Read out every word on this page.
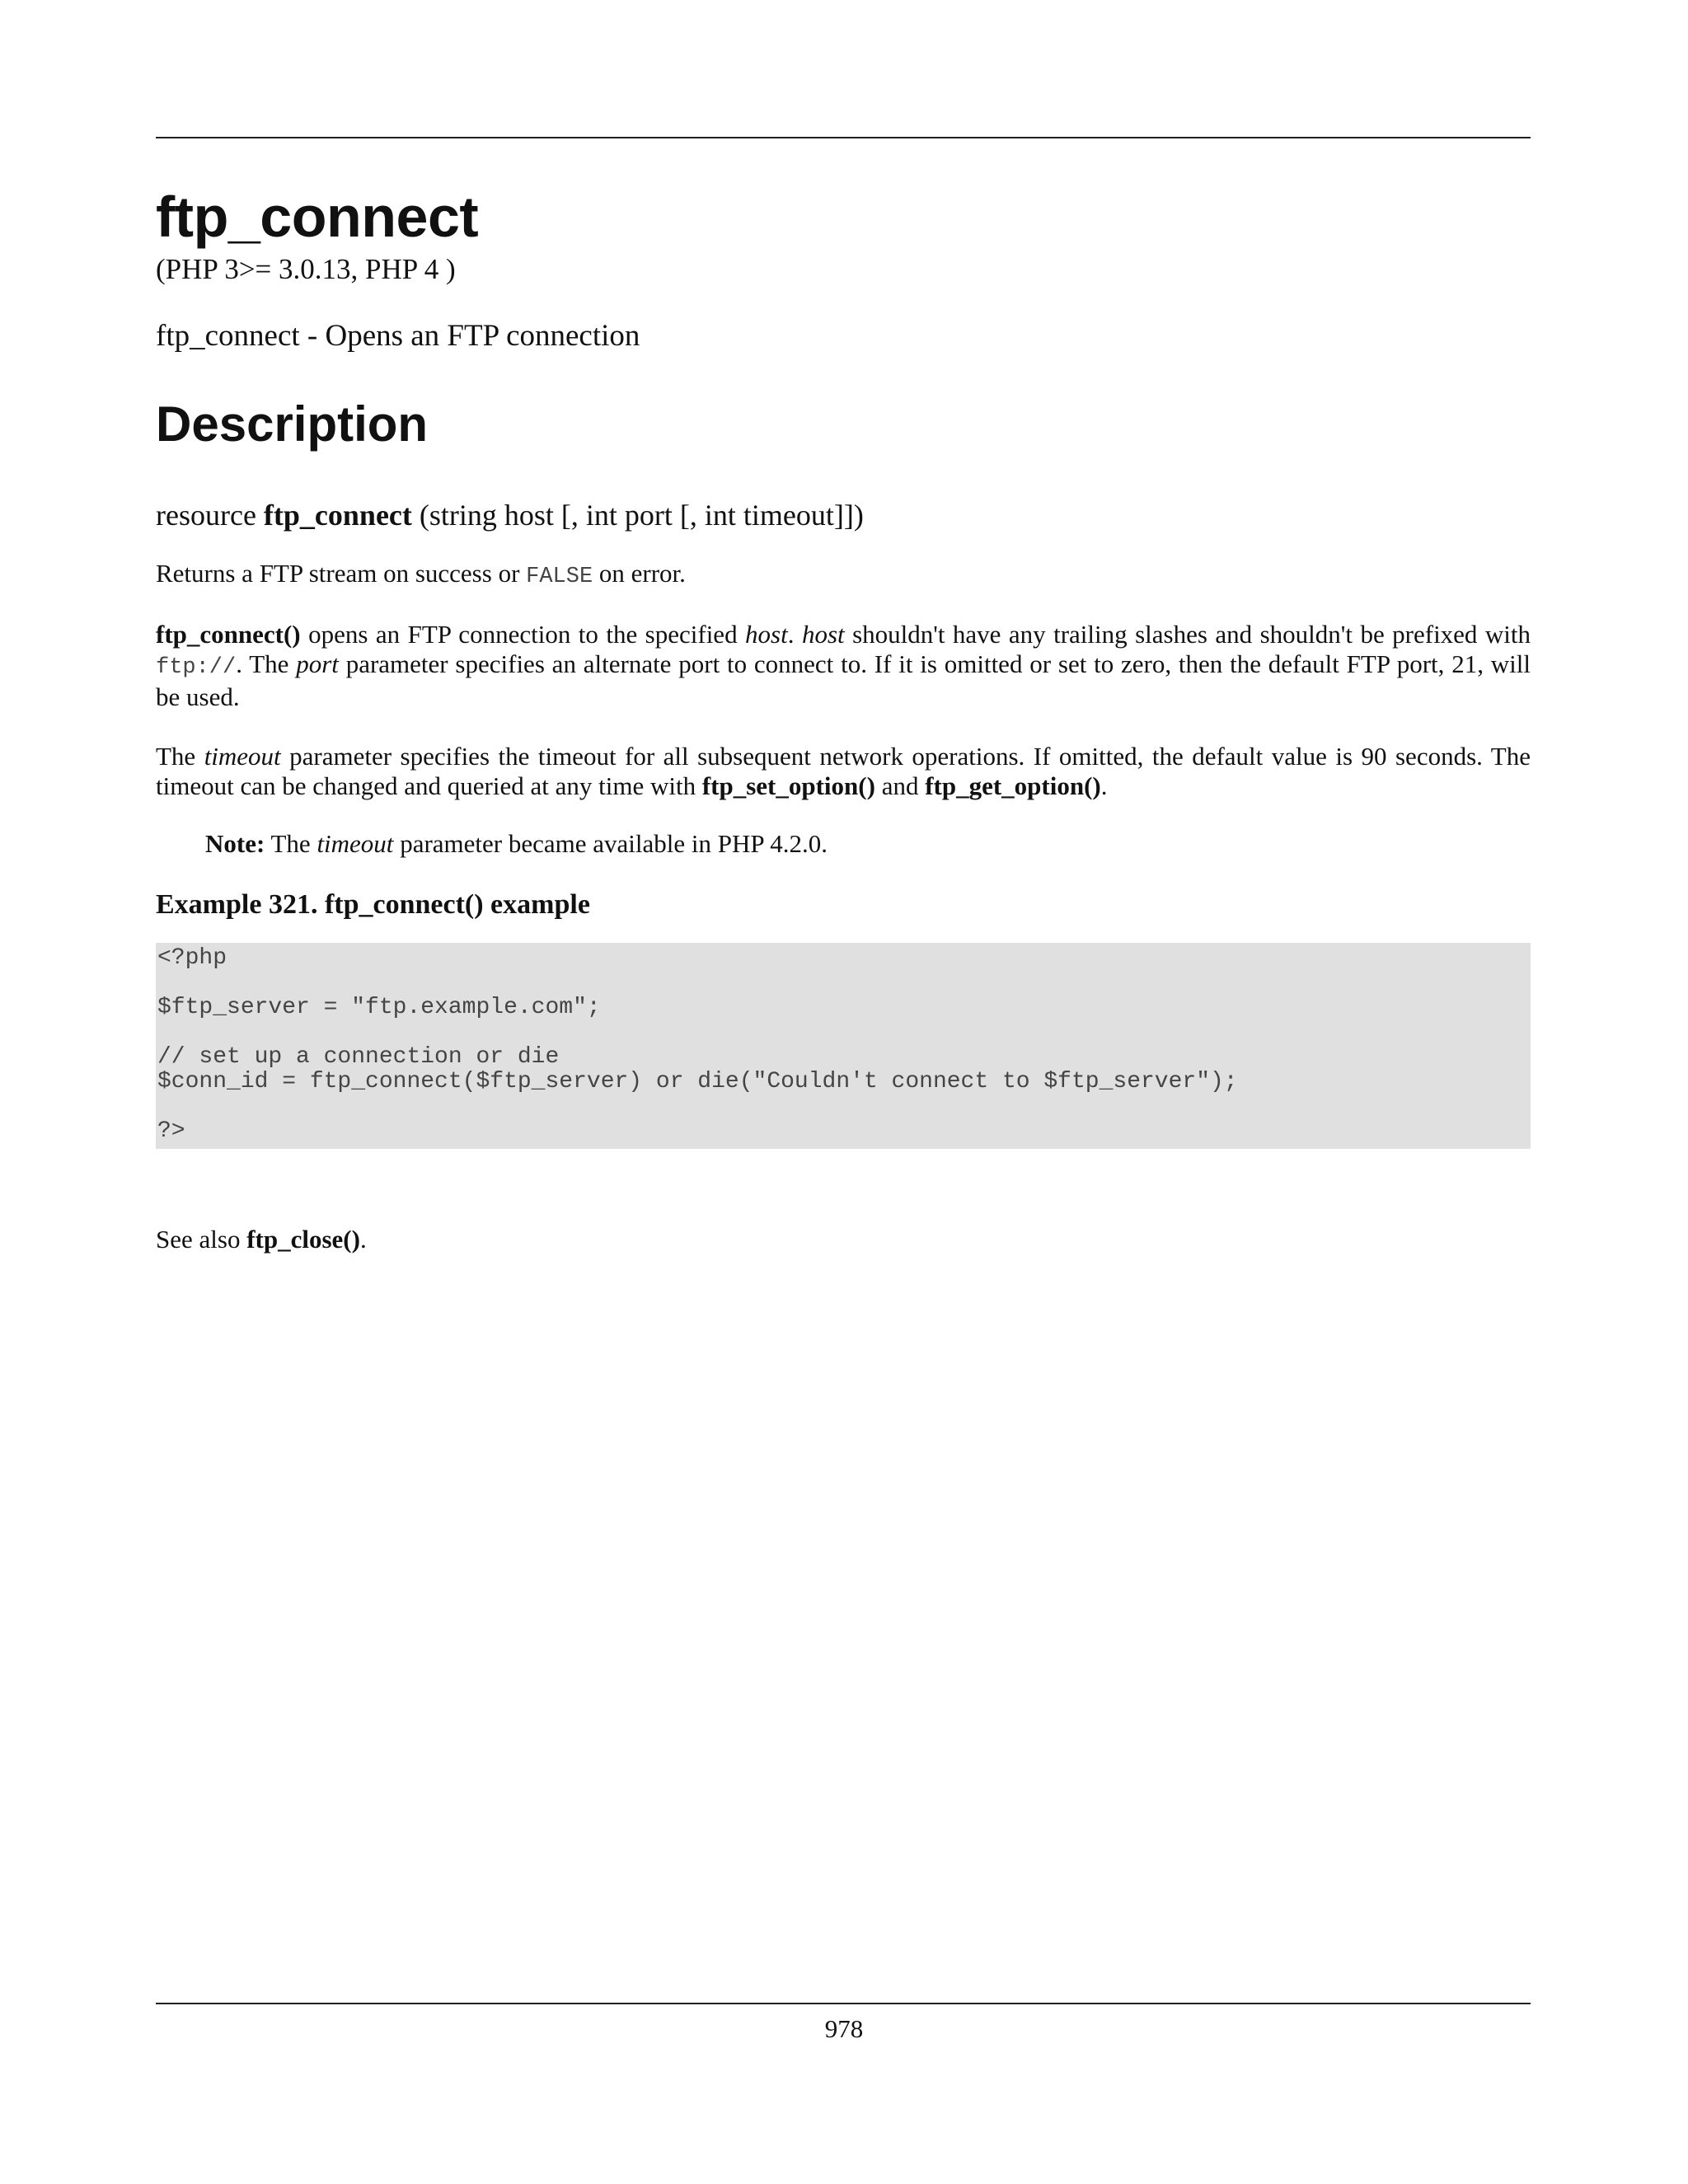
ftp_connect

(PHP 3>= 3.0.13, PHP 4 )

ftp_connect - Opens an FTP connection

Description

resource ftp_connect (string host [, int port [, int timeout]])

Returns a FTP stream on success or FALSE on error.

ftp_connect() opens an FTP connection to the specified host. host shouldn't have any trailing slashes and shouldn't be prefixed with ftp://. The port parameter specifies an alternate port to connect to. If it is omitted or set to zero, then the default FTP port, 21, will be used.

The timeout parameter specifies the timeout for all subsequent network operations. If omitted, the default value is 90 seconds. The timeout can be changed and queried at any time with ftp_set_option() and ftp_get_option().

Note: The timeout parameter became available in PHP 4.2.0.

Example 321. ftp_connect() example

<?php
$ftp_server = "ftp.example.com";
// set up a connection or die
$conn_id = ftp_connect($ftp_server) or die("Couldn't connect to $ftp_server");
?>

See also ftp_close().

978
